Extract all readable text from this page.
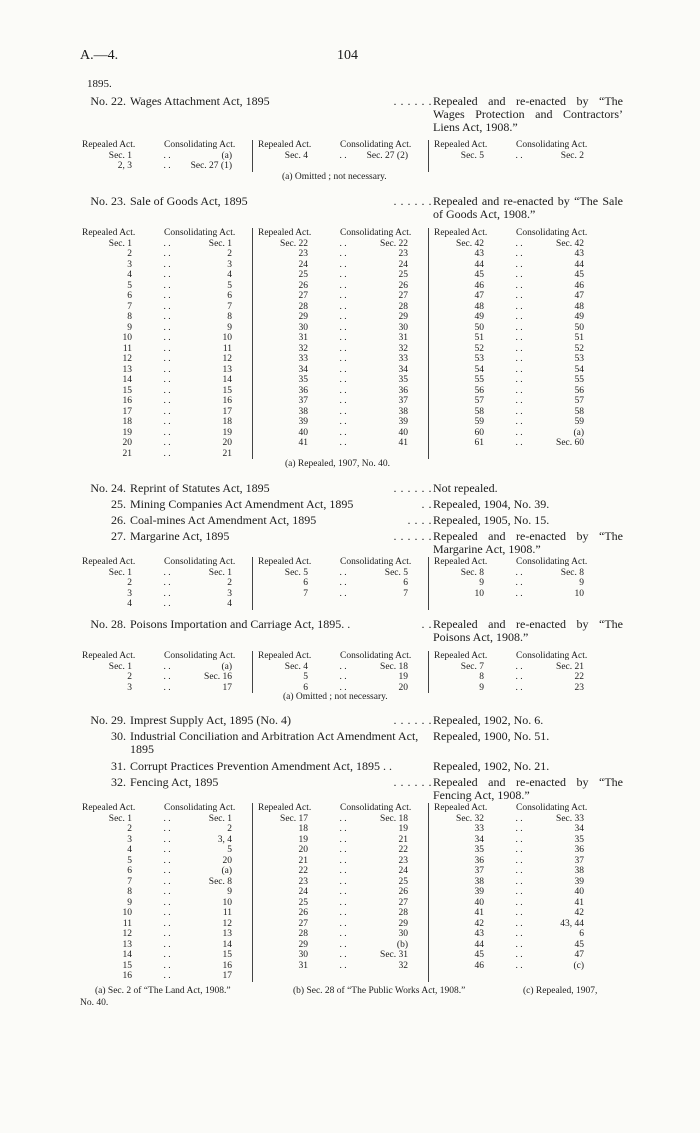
A.—4.	104
1895.
No. 22. Wages Attachment Act, 1895	. . . . . . Repealed and re-enacted by “The Wages Protection and Contractors’ Liens Act, 1908.”
Repealed Act.	Consolidating Act.
Sec. 1	. .	(a)
2, 3	. . Sec. 27 (1)
Repealed Act.	Consolidating Act.
Sec. 4	. . Sec. 27 (2)
Repealed Act.	Consolidating Act.
Sec. 5	. .	Sec. 2
(a) Omitted ; not necessary.
No. 23. Sale of Goods Act, 1895	. . . . . . Repealed and re-enacted by “The Sale of Goods Act, 1908.”
Repealed Act.	Consolidating Act.
Sec. 1	. .	Sec. 1
2	. .	2
3	. .	3
4	. .	4
5	. .	5
6	. .	6
7	. .	7
8	. .	8
9	. .	9
10	. .	10
11	. .	11
12	. .	12
13	. .	13
14	. .	14
15	. .	15
16	. .	16
17	. .	17
18	. .	18
19	. .	19
20	. .	20
21	. .	21
Repealed Act.	Consolidating Act.
Sec. 22	. .	Sec. 22
23	. .	23
24	. .	24
25	. .	25
26	. .	26
27	. .	27
28	. .	28
29	. .	29
30	. .	30
31	. .	31
32	. .	32
33	. .	33
34	. .	34
35	. .	35
36	. .	36
37	. .	37
38	. .	38
39	. .	39
40	. .	40
41	. .	41
Repealed Act.	Consolidating Act.
Sec. 42	. .	Sec. 42
43	. .	43
44	. .	44
45	. .	45
46	. .	46
47	. .	47
48	. .	48
49	. .	49
50	. .	50
51	. .	51
52	. .	52
53	. .	53
54	. .	54
55	. .	55
56	. .	56
57	. .	57
58	. .	58
59	. .	59
60	. .	(a)
61	. .	Sec. 60
(a) Repealed, 1907, No. 40.
No. 24. Reprint of Statutes Act, 1895	. . . . . . Not repealed.
25. Mining Companies Act Amendment Act, 1895	. . Repealed, 1904, No. 39.
26. Coal-mines Act Amendment Act, 1895	. . . . Repealed, 1905, No. 15.
27. Margarine Act, 1895	. . . . . . Repealed and re-enacted by “The Margarine Act, 1908.”
Repealed Act.	Consolidating Act.
Sec. 1	. .	Sec. 1
2	. .	2
3	. .	3
4	. .	4
Repealed Act.	Consolidating Act.
Sec. 5	. .	Sec. 5
6	. .	6
7	. .	7
Repealed Act.	Consolidating Act.
Sec. 8	. .	Sec. 8
9	. .	9
10	. .	10
No. 28. Poisons Importation and Carriage Act, 1895. .	. . Repealed and re-enacted by “The Poisons Act, 1908.”
Repealed Act.	Consolidating Act.
Sec. 1	. .	(a)
2	. .	Sec. 16
3	. .	17
Repealed Act.	Consolidating Act.
Sec. 4	. .	Sec. 18
5	. .	19
6	. .	20
Repealed Act.	Consolidating Act.
Sec. 7	. .	Sec. 21
8	. .	22
9	. .	23
(a) Omitted ; not necessary.
No. 29. Imprest Supply Act, 1895 (No. 4)	. . . . . . Repealed, 1902, No. 6.
30. Industrial Conciliation and Arbitration Act Amendment Act, 1895
Repealed, 1900, No. 51.
31. Corrupt Practices Prevention Amendment Act, 1895 . .	Repealed, 1902, No. 21.
32. Fencing Act, 1895	. . . . . . Repealed and re-enacted by “The Fencing Act, 1908.”
Repealed Act.	Consolidating Act.
Sec. 1	. .	Sec. 1
2	. .	2
3	. .	3, 4
4	. .	5
5	. .	20
6	. .	(a)
7	. .	Sec. 8
8	. .	9
9	. .	10
10	. .	11
11	. .	12
12	. .	13
13	. .	14
14	. .	15
15	. .	16
16	. .	17
Repealed Act.	Consolidating Act.
Sec. 17	. .	Sec. 18
18	. .	19
19	. .	21
20	. .	22
21	. .	23
22	. .	24
23	. .	25
24	. .	26
25	. .	27
26	. .	28
27	. .	29
28	. .	30
29	. .	(b)
30	. .	Sec. 31
31	. .	32
Repealed Act.	Consolidating Act.
Sec. 32	. .	Sec. 33
33	. .	34
34	. .	35
35	. .	36
36	. .	37
37	. .	38
38	. .	39
39	. .	40
40	. .	41
41	. .	42
42	. .	43, 44
43	. .	6
44	. .	45
45	. .	47
46	. .	(c)
(a) Sec. 2 of “The Land Act, 1908.”	(b) Sec. 28 of “The Public Works Act, 1908.”	(c) Repealed, 1907,
No. 40.
